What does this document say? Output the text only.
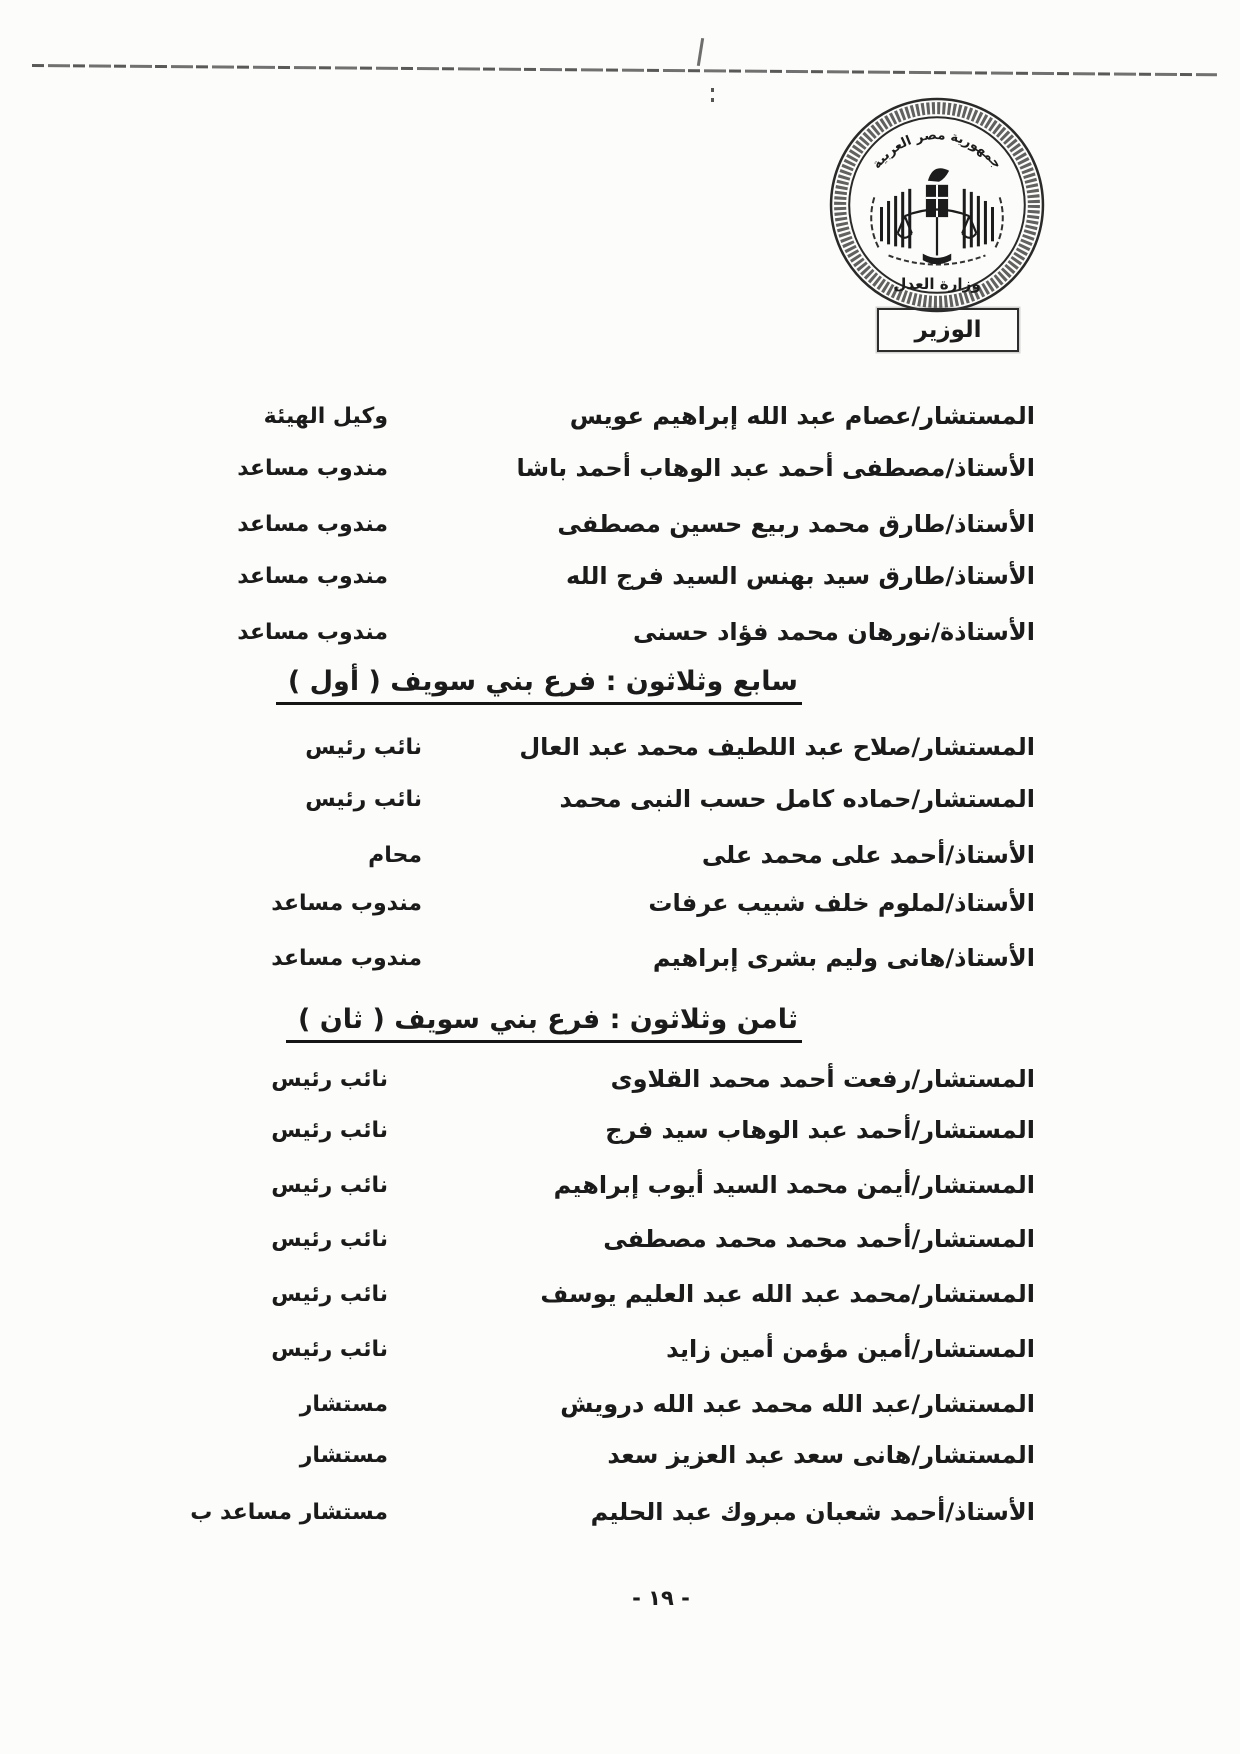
جمهورية مصر العربية
وزارة العدل
الوزير
المستشار/عصام عبد الله إبراهيم عويس
وكيل الهيئة
الأستاذ/مصطفى أحمد عبد الوهاب أحمد باشا
مندوب مساعد
الأستاذ/طارق محمد ربيع حسين مصطفى
مندوب مساعد
الأستاذ/طارق سيد بهنس السيد فرج الله
مندوب مساعد
الأستاذة/نورهان محمد فؤاد حسنى
مندوب مساعد
سابع وثلاثون : فرع بني سويف ( أول )
المستشار/صلاح عبد اللطيف محمد عبد العال
نائب رئيس
المستشار/حماده كامل حسب النبى محمد
نائب رئيس
الأستاذ/أحمد على محمد على
محام
الأستاذ/لملوم خلف شبيب عرفات
مندوب مساعد
الأستاذ/هانى وليم بشرى إبراهيم
مندوب مساعد
ثامن وثلاثون : فرع بني سويف ( ثان )
المستشار/رفعت أحمد محمد القلاوى
نائب رئيس
المستشار/أحمد عبد الوهاب سيد فرج
نائب رئيس
المستشار/أيمن محمد السيد أيوب إبراهيم
نائب رئيس
المستشار/أحمد محمد محمد مصطفى
نائب رئيس
المستشار/محمد عبد الله عبد العليم يوسف
نائب رئيس
المستشار/أمين مؤمن أمين زايد
نائب رئيس
المستشار/عبد الله محمد عبد الله درويش
مستشار
المستشار/هانى سعد عبد العزيز سعد
مستشار
الأستاذ/أحمد شعبان مبروك عبد الحليم
مستشار مساعد ب
- ١٩ -
